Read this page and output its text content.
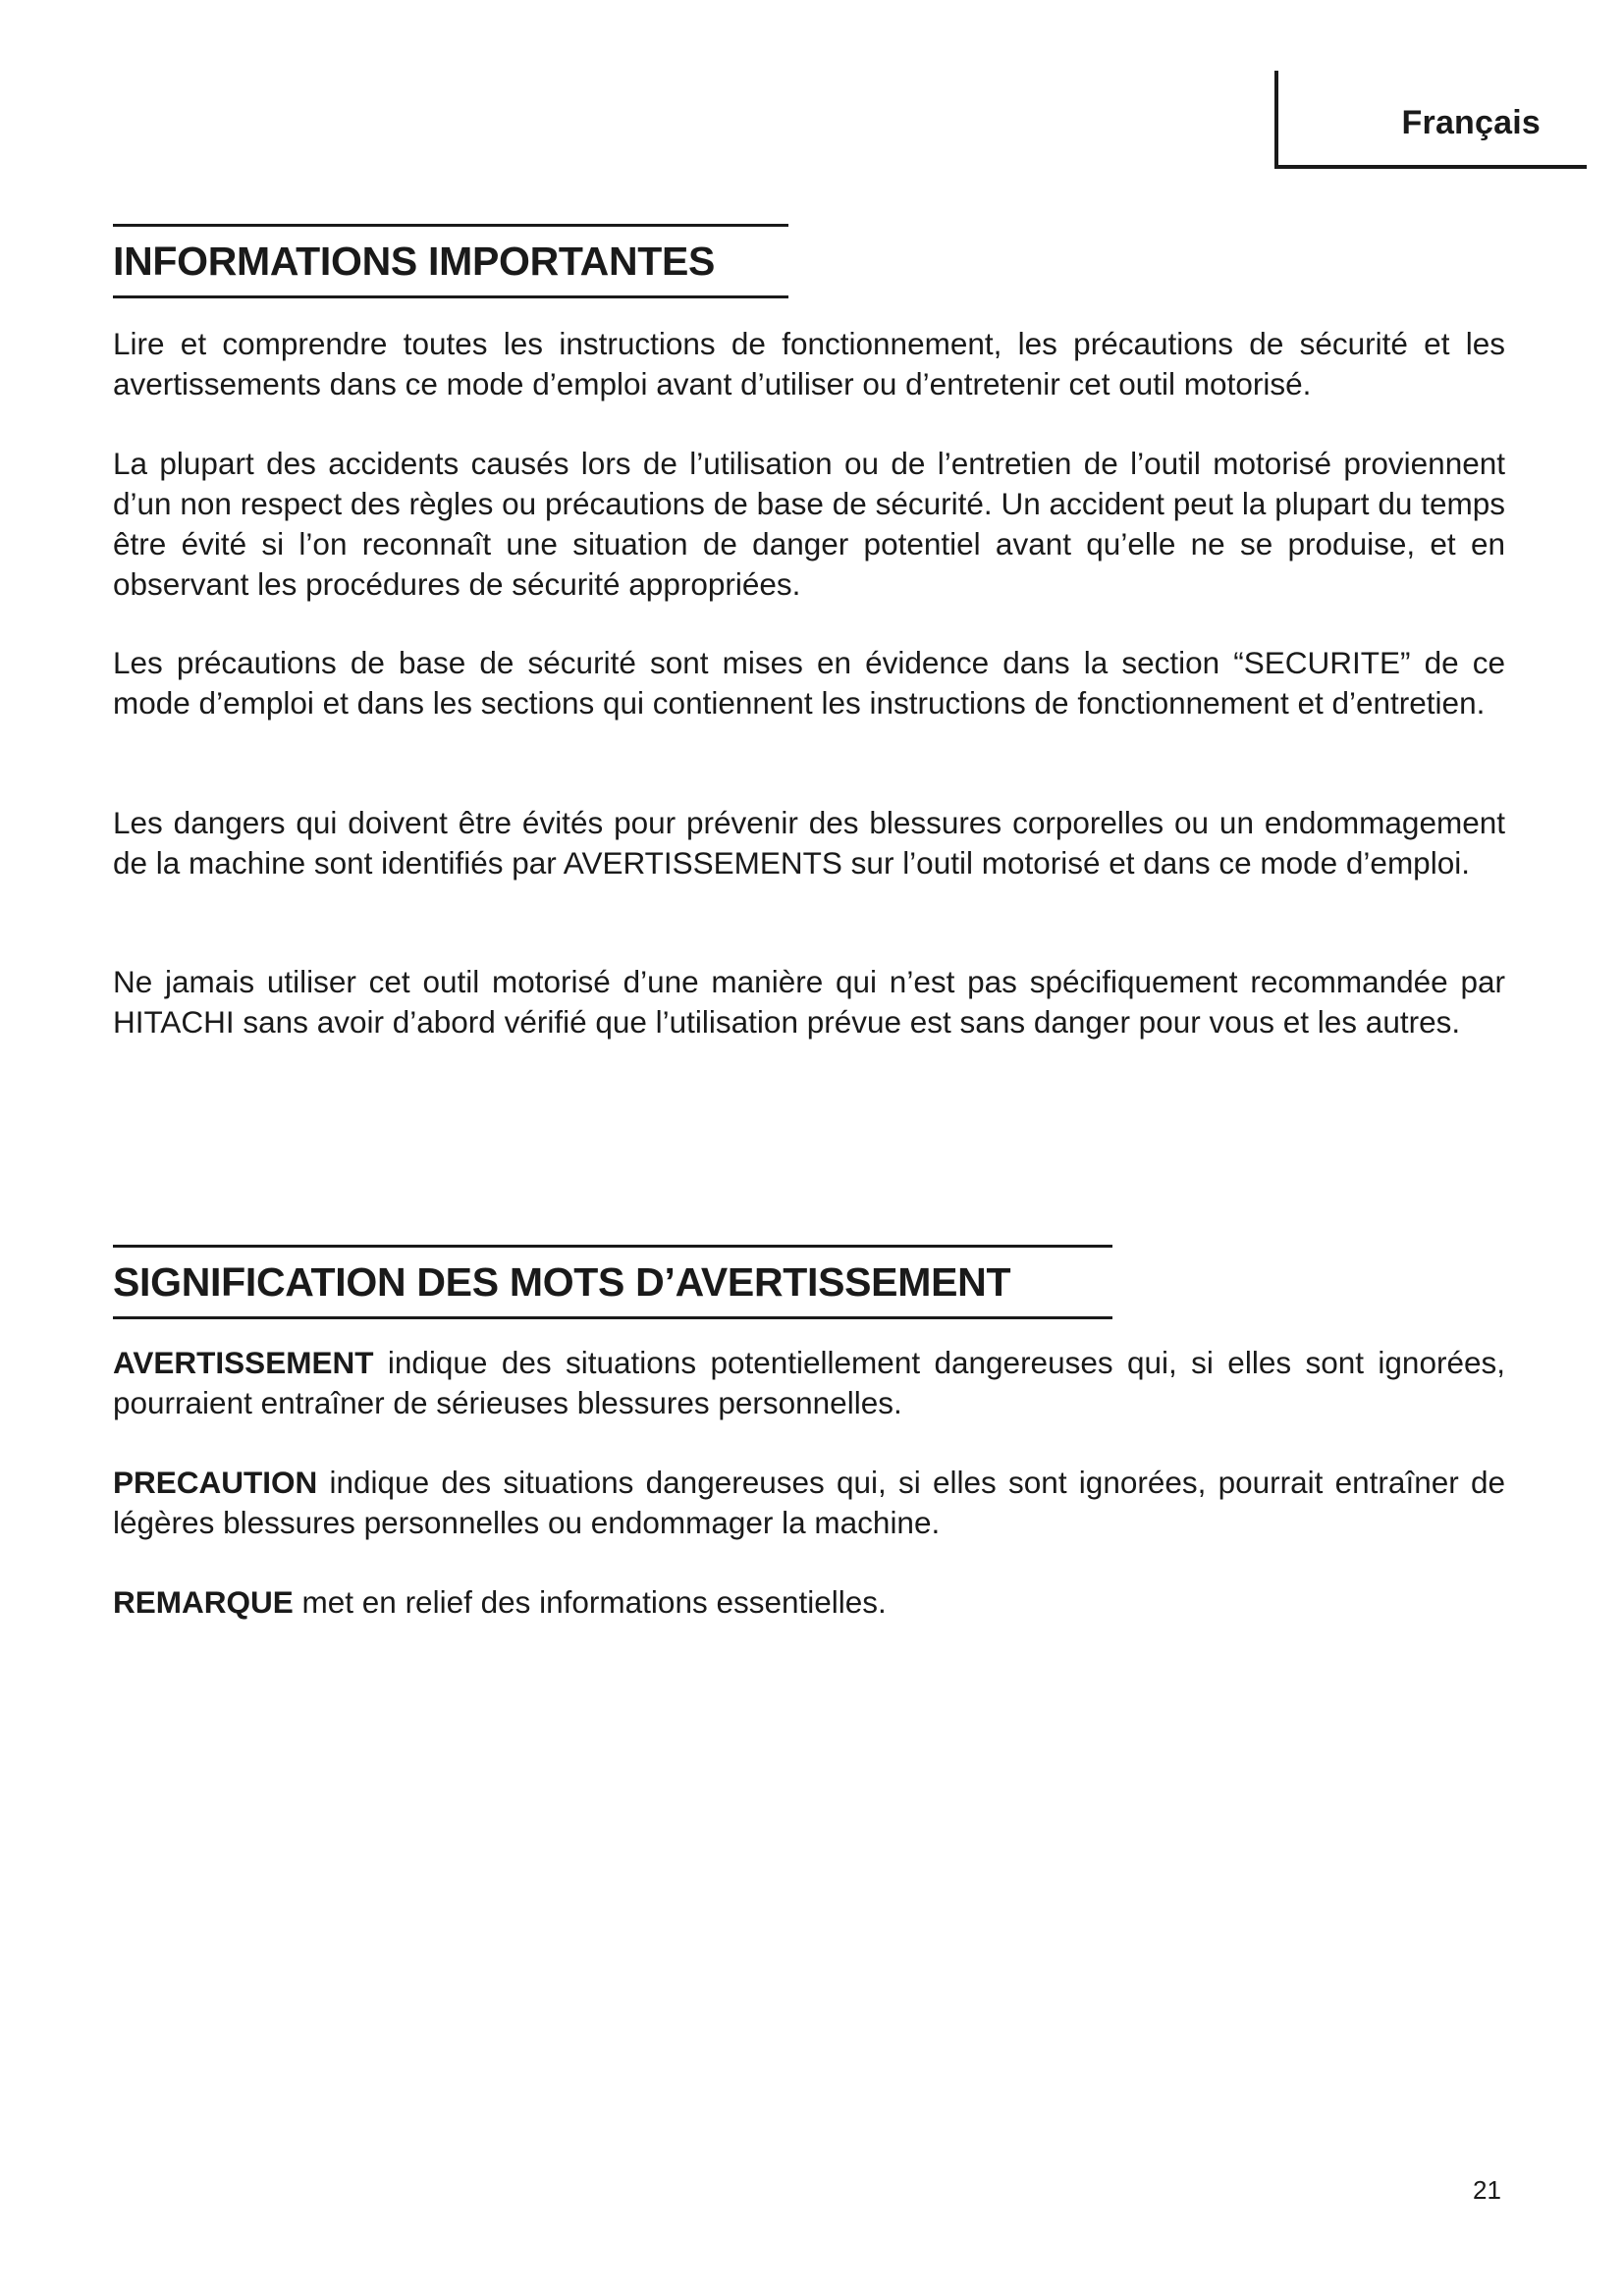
Français
INFORMATIONS IMPORTANTES

Lire et comprendre toutes les instructions de fonctionnement, les précautions de sécurité et les avertissements dans ce mode d’emploi avant d’utiliser ou d’entretenir cet outil motorisé.

La plupart des accidents causés lors de l’utilisation ou de l’entretien de l’outil motorisé proviennent d’un non respect des règles ou précautions de base de sécurité. Un accident peut la plupart du temps être évité si l’on reconnaît une situation de danger potentiel avant qu’elle ne se produise, et en observant les procédures de sécurité appropriées.

Les précautions de base de sécurité sont mises en évidence dans la section “SECURITE” de ce mode d’emploi et dans les sections qui contiennent les instructions de fonctionnement et d’entretien.

Les dangers qui doivent être évités pour prévenir des blessures corporelles ou un endommagement de la machine sont identifiés par AVERTISSEMENTS sur l’outil motorisé et dans ce mode d’emploi.

Ne jamais utiliser cet outil motorisé d’une manière qui n’est pas spécifiquement recommandée par HITACHI sans avoir d’abord vérifié que l’utilisation prévue est sans danger pour vous et les autres.

SIGNIFICATION DES MOTS D’AVERTISSEMENT

AVERTISSEMENT indique des situations potentiellement dangereuses qui, si elles sont ignorées, pourraient entraîner de sérieuses blessures personnelles.

PRECAUTION indique des situations dangereuses qui, si elles sont ignorées, pourrait entraîner de légères blessures personnelles ou endommager la machine.

REMARQUE met en relief des informations essentielles.

21
